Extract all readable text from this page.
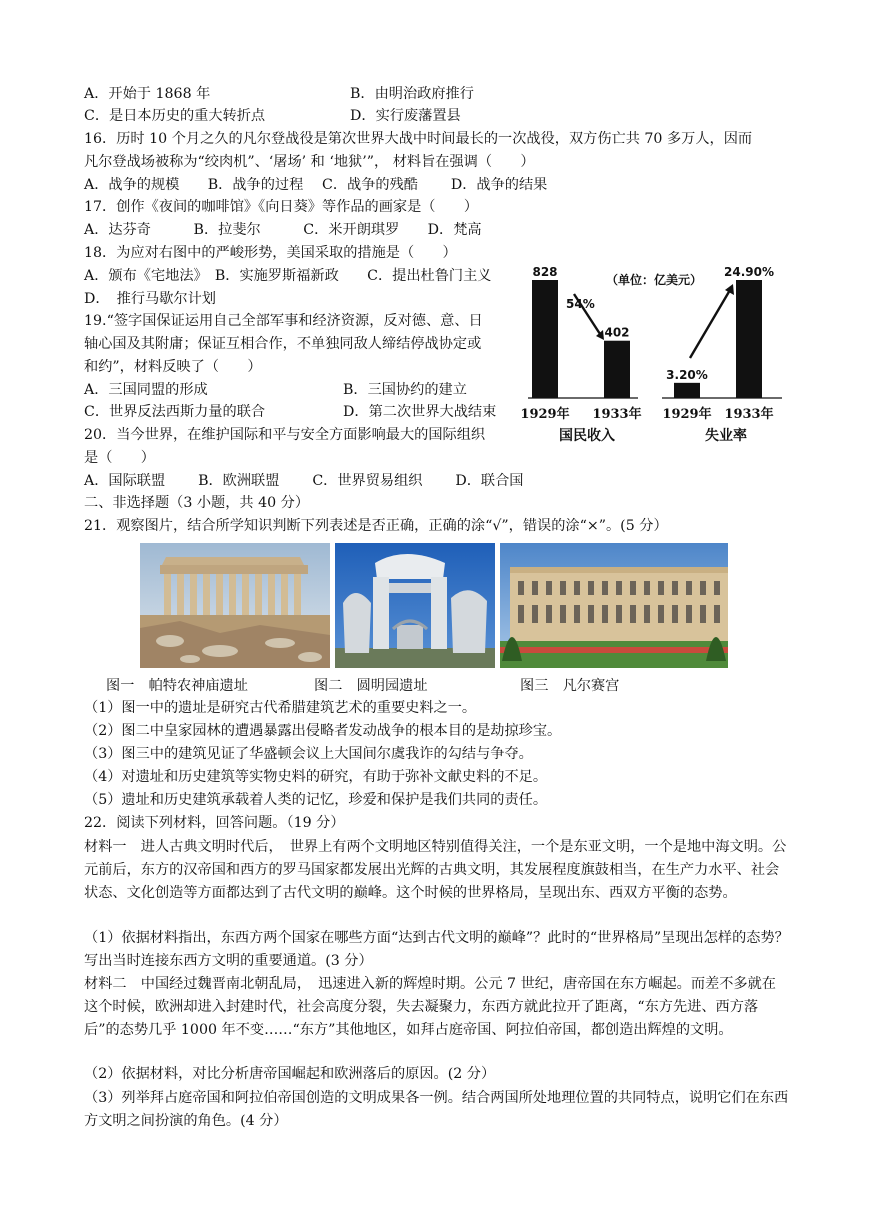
A．开始于 1868 年	B．由明治政府推行
C．是日本历史的重大转折点	D．实行废藩置县
16．历时 10 个月之久的凡尔登战役是第次世界大战中时间最长的一次战役，双方伤亡共 70 多万人，因而
凡尔登战场被称为“绞肉机”、‘屠场’ 和 ‘地狱’”， 材料旨在强调（　　）
A．战争的规模　　B．战争的过程　 C．战争的残酷　　 D．战争的结果
17．创作《夜间的咖啡馆》《向日葵》等作品的画家是（　　）
A．达芬奇　　　B．拉斐尔　　　C．米开朗琪罗　　D．梵高
18．为应对右图中的严峻形势，美国采取的措施是（　　）
A．颁布《宅地法》　B．实施罗斯福新政　　C．提出杜鲁门主义
D．　推行马歇尔计划
19.“签字国保证运用自己全部军事和经济资源，反对德、意、日
轴心国及其附庸；保证互相合作，不单独同敌人缔结停战协定或
和约”，材料反映了（　　）
A．三国同盟的形成	B．三国协约的建立
C．世界反法西斯力量的联合	D．第二次世界大战结束
20．当今世界，在维护国际和平与安全方面影响最大的国际组织
是（　　）
A．国际联盟　　 B．欧洲联盟　　 C．世界贸易组织　　 D．联合国
二、非选择题（3 小题，共 40 分）
21．观察图片，结合所学知识判断下列表述是否正确，正确的涂“√”，错误的涂“×”。(5 分）
828
1929年
402
1933年
国民收入
3.20%
1929年
24.90%
1933年
失业率
（单位：亿美元）
54%
图一　帕特农神庙遗址	图二　圆明园遗址	图三　凡尔赛宫
（1）图一中的遗址是研究古代希腊建筑艺术的重要史料之一。
（2）图二中皇家园林的遭遇暴露出侵略者发动战争的根本目的是劫掠珍宝。
（3）图三中的建筑见证了华盛顿会议上大国间尔虞我诈的勾结与争夺。
（4）对遗址和历史建筑等实物史料的研究，有助于弥补文献史料的不足。
（5）遗址和历史建筑承载着人类的记忆，珍爱和保护是我们共同的责任。
22．阅读下列材料，回答问题。（19 分）
材料一　进人古典文明时代后，　世界上有两个文明地区特别值得关注，一个是东亚文明，一个是地中海文明。公元前后，东方的汉帝国和西方的罗马国家都发展出光辉的古典文明，其发展程度旗鼓相当，在生产力水平、社会状态、文化创造等方面都达到了古代文明的巅峰。这个时候的世界格局，呈现出东、西双方平衡的态势。
（1）依据材料指出，东西方两个国家在哪些方面“达到古代文明的巅峰”？此时的“世界格局”呈现出怎样的态势？写出当时连接东西方文明的重要通道。(3 分）
材料二　中国经过魏晋南北朝乱局，　迅速进入新的辉煌时期。公元 7 世纪，唐帝国在东方崛起。而差不多就在这个时候，欧洲却进入封建时代，社会高度分裂，失去凝聚力，东西方就此拉开了距离，“东方先进、西方落后”的态势几乎 1000 年不变……“东方”其他地区，如拜占庭帝国、阿拉伯帝国，都创造出辉煌的文明。
（2）依据材料，对比分析唐帝国崛起和欧洲落后的原因。(2 分）
（3）列举拜占庭帝国和阿拉伯帝国创造的文明成果各一例。结合两国所处地理位置的共同特点，说明它们在东西方文明之间扮演的角色。(4 分）
